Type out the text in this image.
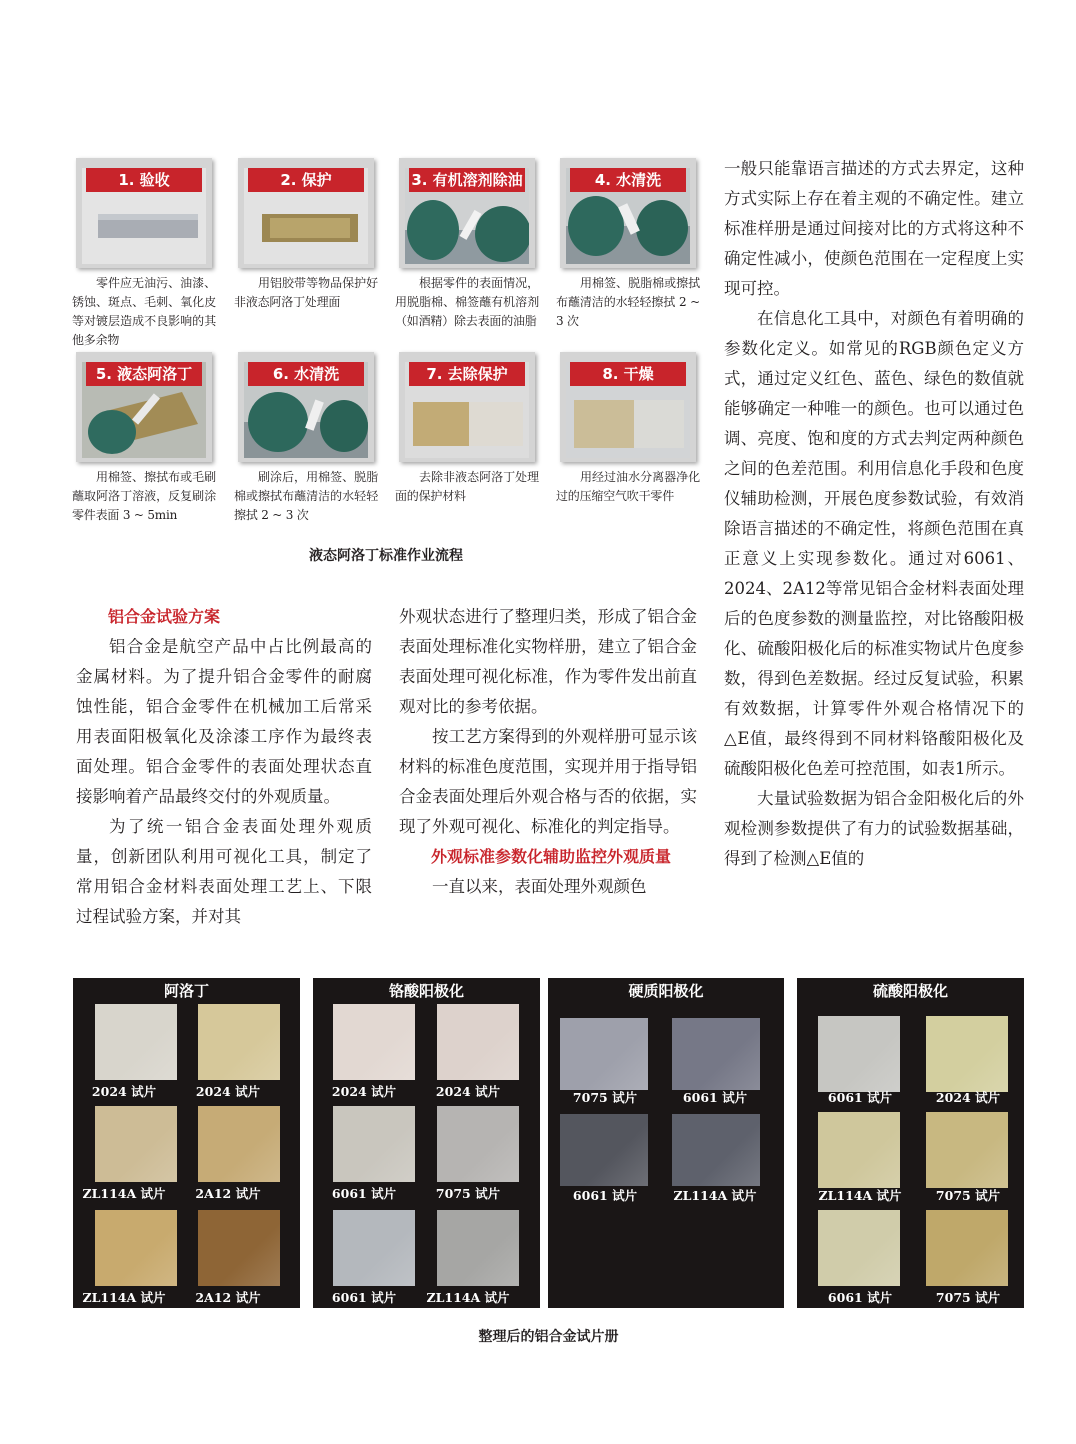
1. 验收
零件应无油污、油漆、锈蚀、斑点、毛刺、氧化皮等对镀层造成不良影响的其他多余物
2. 保护
用铝胶带等物品保护好非液态阿洛丁处理面
3. 有机溶剂除油
根据零件的表面情况，用脱脂棉、棉签蘸有机溶剂（如酒精）除去表面的油脂
4. 水清洗
用棉签、脱脂棉或擦拭布蘸清洁的水轻轻擦拭 2 ~ 3 次
5. 液态阿洛丁
用棉签、擦拭布或毛刷蘸取阿洛丁溶液，反复刷涂零件表面 3 ~ 5min
6. 水清洗
刷涂后，用棉签、脱脂棉或擦拭布蘸清洁的水轻轻擦拭 2 ~ 3 次
7. 去除保护
去除非液态阿洛丁处理面的保护材料
8. 干燥
用经过油水分离器净化过的压缩空气吹干零件
液态阿洛丁标准作业流程

铝合金试验方案

铝合金是航空产品中占比例最高的金属材料。为了提升铝合金零件的耐腐蚀性能，铝合金零件在机械加工后常采用表面阳极氧化及涂漆工序作为最终表面处理。铝合金零件的表面处理状态直接影响着产品最终交付的外观质量。

为了统一铝合金表面处理外观质量，创新团队利用可视化工具，制定了常用铝合金材料表面处理工艺上、下限过程试验方案，并对其

外观状态进行了整理归类，形成了铝合金表面处理标准化实物样册，建立了铝合金表面处理可视化标准，作为零件发出前直观对比的参考依据。

按工艺方案得到的外观样册可显示该材料的标准色度范围，实现并用于指导铝合金表面处理后外观合格与否的依据，实现了外观可视化、标准化的判定指导。

外观标准参数化辅助监控外观质量

一直以来，表面处理外观颜色

一般只能靠语言描述的方式去界定，这种方式实际上存在着主观的不确定性。建立标准样册是通过间接对比的方式将这种不确定性减小，使颜色范围在一定程度上实现可控。

在信息化工具中，对颜色有着明确的参数化定义。如常见的RGB颜色定义方式，通过定义红色、蓝色、绿色的数值就能够确定一种唯一的颜色。也可以通过色调、亮度、饱和度的方式去判定两种颜色之间的色差范围。利用信息化手段和色度仪辅助检测，开展色度参数试验，有效消除语言描述的不确定性，将颜色范围在真正意义上实现参数化。通过对6061、2024、2A12等常见铝合金材料表面处理后的色度参数的测量监控，对比铬酸阳极化、硫酸阳极化后的标准实物试片色度参数，得到色差数据。经过反复试验，积累有效数据，计算零件外观合格情况下的△E值，最终得到不同材料铬酸阳极化及硫酸阳极化色差可控范围，如表1所示。

大量试验数据为铝合金阳极化后的外观检测参数提供了有力的试验数据基础，得到了检测△E值的

阿洛丁
2024 试片	2024 试片
ZL114A 试片	2A12 试片
ZL114A 试片	2A12 试片
铬酸阳极化
2024 试片	2024 试片
6061 试片	7075 试片
6061 试片	ZL114A 试片
硬质阳极化
7075 试片	6061 试片
6061 试片	ZL114A 试片
硫酸阳极化
6061 试片	2024 试片
ZL114A 试片	7075 试片
6061 试片	7075 试片
整理后的铝合金试片册
